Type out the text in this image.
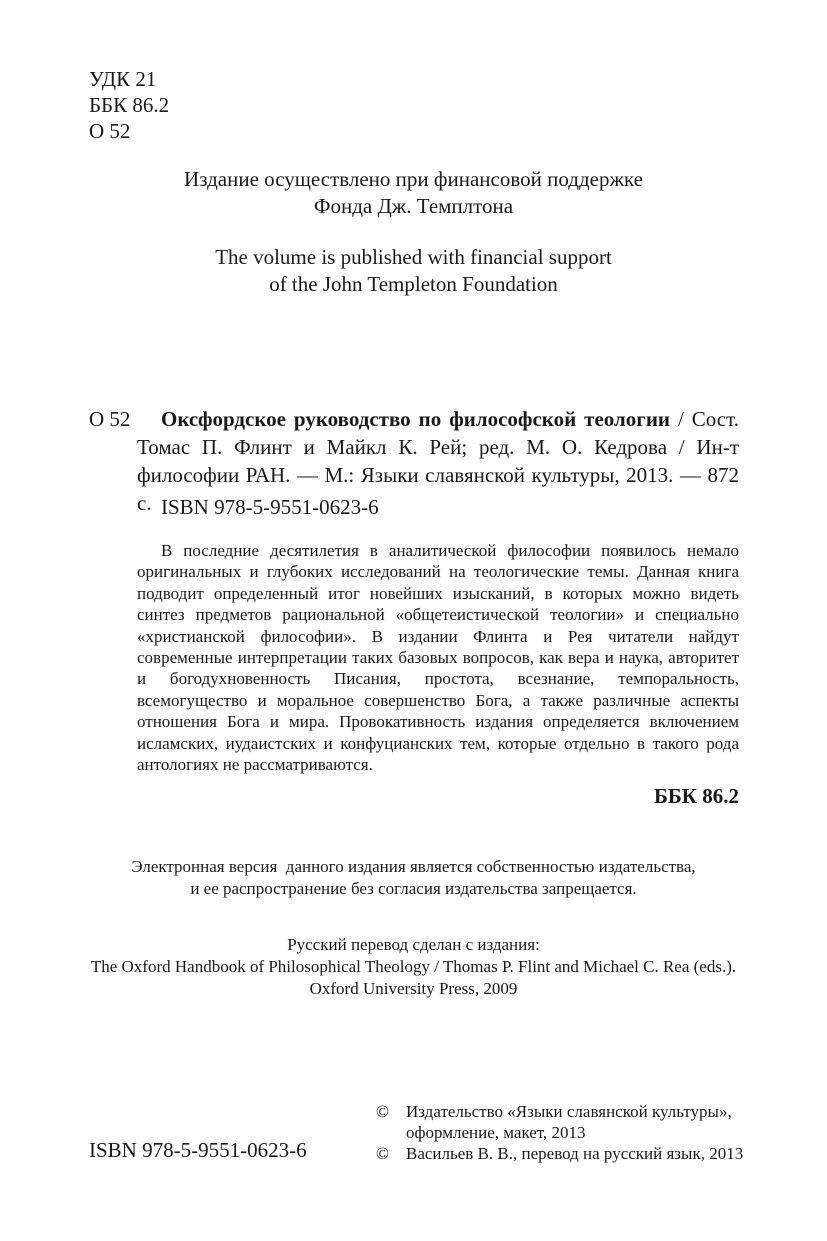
УДК 21
ББК 86.2
О 52
Издание осуществлено при финансовой поддержке
Фонда Дж. Темплтона
The volume is published with financial support
of the John Templeton Foundation
О 52	Оксфордское руководство по философской теологии / Сост. Томас П. Флинт и Майкл К. Рей; ред. М. О. Кедрова / Ин-т философии РАН. — М.: Языки славянской культуры, 2013. — 872 с. ISBN 978-5-9551-0623-6
В последние десятилетия в аналитической философии появилось немало оригинальных и глубоких исследований на теологические темы. Данная книга подводит определенный итог новейших изысканий, в которых можно видеть синтез предметов рациональной «общетеистической теологии» и специально «христианской философии». В издании Флинта и Рея читатели найдут современные интерпретации таких базовых вопросов, как вера и наука, авторитет и богодухновенность Писания, простота, всезнание, темпоральность, всемогущество и моральное совершенство Бога, а также различные аспекты отношения Бога и мира. Провокативность издания определяется включением исламских, иудаистских и конфуцианских тем, которые отдельно в такого рода антологиях не рассматриваются.
ББК 86.2
Электронная версия  данного издания является собственностью издательства,
и ее распространение без согласия издательства запрещается.
Русский перевод сделан с издания:
The Oxford Handbook of Philosophical Theology / Thomas P. Flint and Michael C. Rea (eds.).
Oxford University Press, 2009
©	Издательство «Языки славянской культуры», оформление, макет, 2013
©	Васильев В. В., перевод на русский язык, 2013
ISBN 978-5-9551-0623-6
